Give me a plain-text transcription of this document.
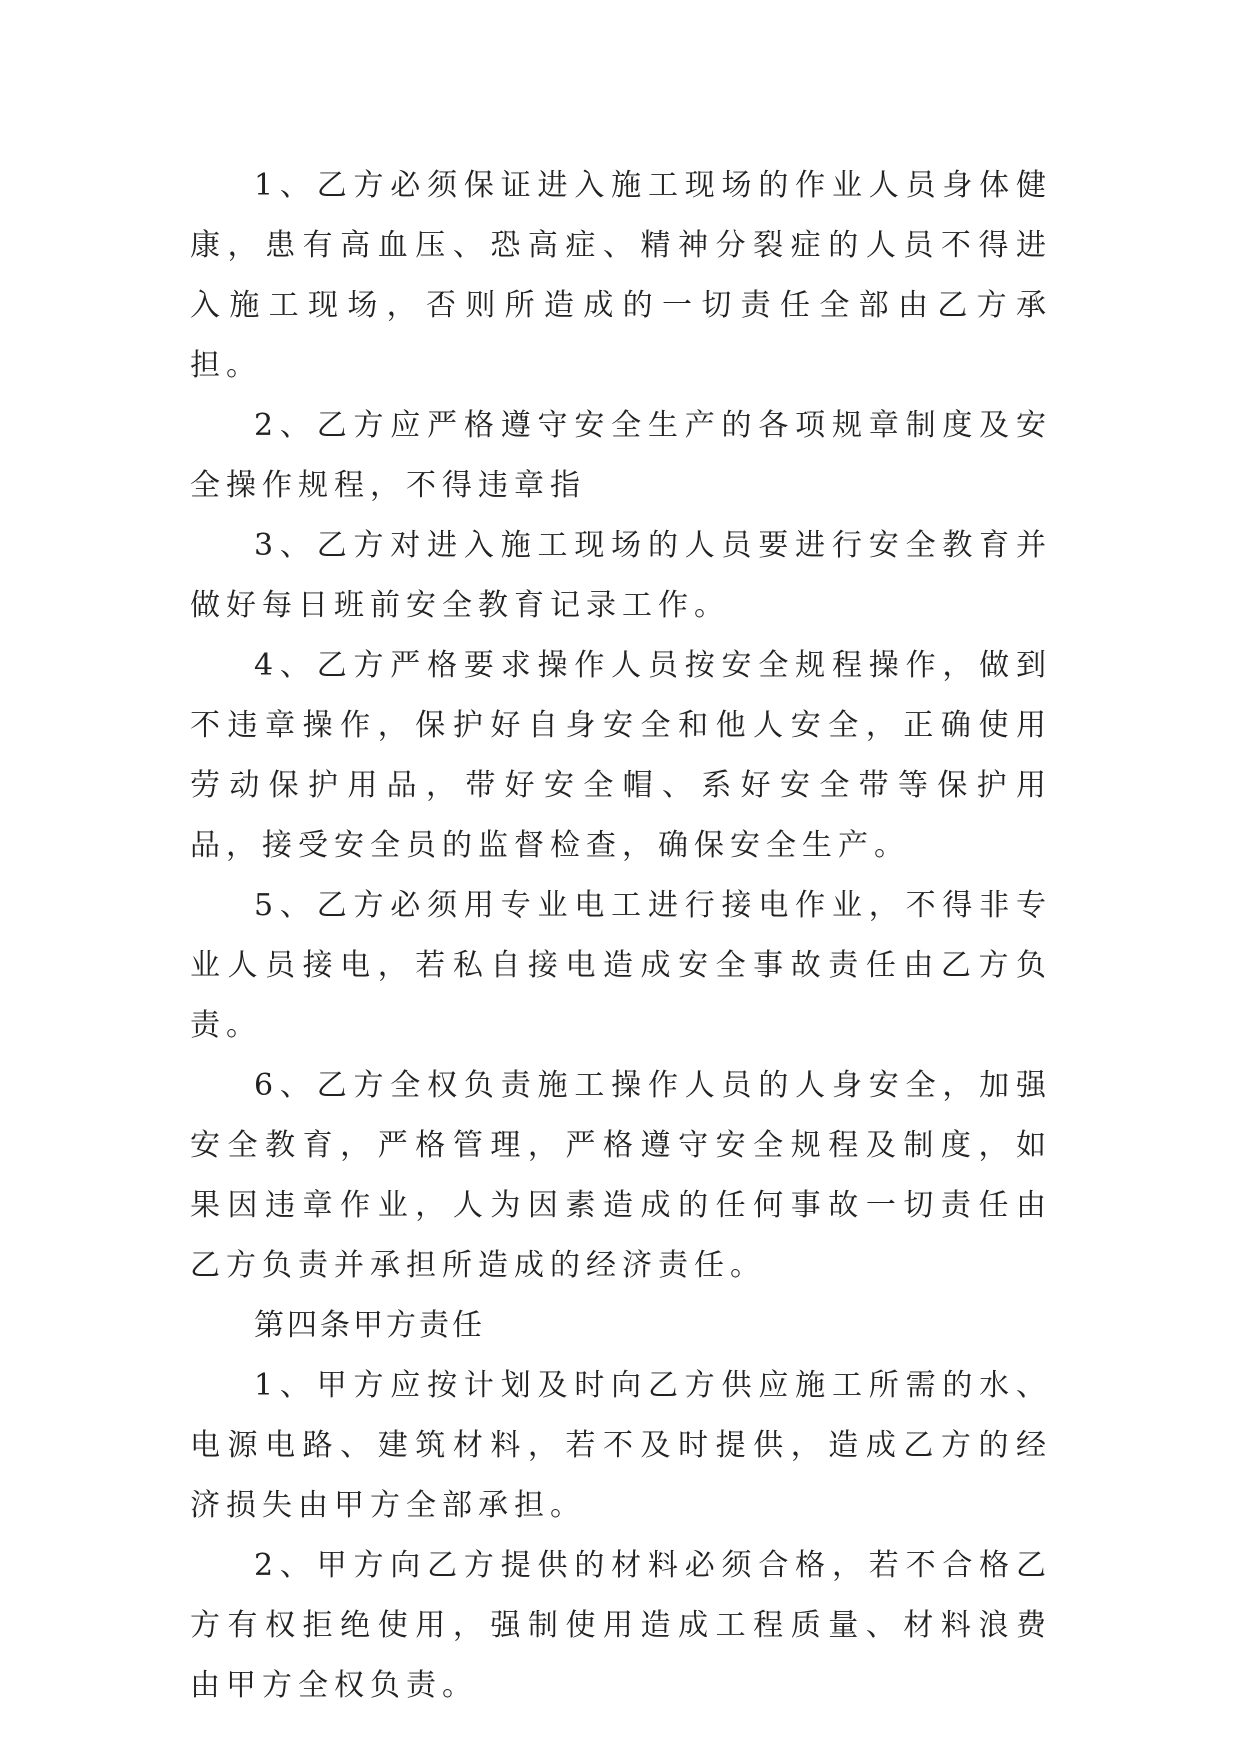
1、乙方必须保证进入施工现场的作业人员身体健康，患有高血压、恐高症、精神分裂症的人员不得进入施工现场，否则所造成的一切责任全部由乙方承担。

2、乙方应严格遵守安全生产的各项规章制度及安全操作规程，不得违章指

3、乙方对进入施工现场的人员要进行安全教育并做好每日班前安全教育记录工作。

4、乙方严格要求操作人员按安全规程操作，做到不违章操作，保护好自身安全和他人安全，正确使用劳动保护用品，带好安全帽、系好安全带等保护用品，接受安全员的监督检查，确保安全生产。

5、乙方必须用专业电工进行接电作业，不得非专业人员接电，若私自接电造成安全事故责任由乙方负责。

6、乙方全权负责施工操作人员的人身安全，加强安全教育，严格管理，严格遵守安全规程及制度，如果因违章作业，人为因素造成的任何事故一切责任由乙方负责并承担所造成的经济责任。

第四条甲方责任

1、甲方应按计划及时向乙方供应施工所需的水、电源电路、建筑材料，若不及时提供，造成乙方的经济损失由甲方全部承担。

2、甲方向乙方提供的材料必须合格，若不合格乙方有权拒绝使用，强制使用造成工程质量、材料浪费由甲方全权负责。
